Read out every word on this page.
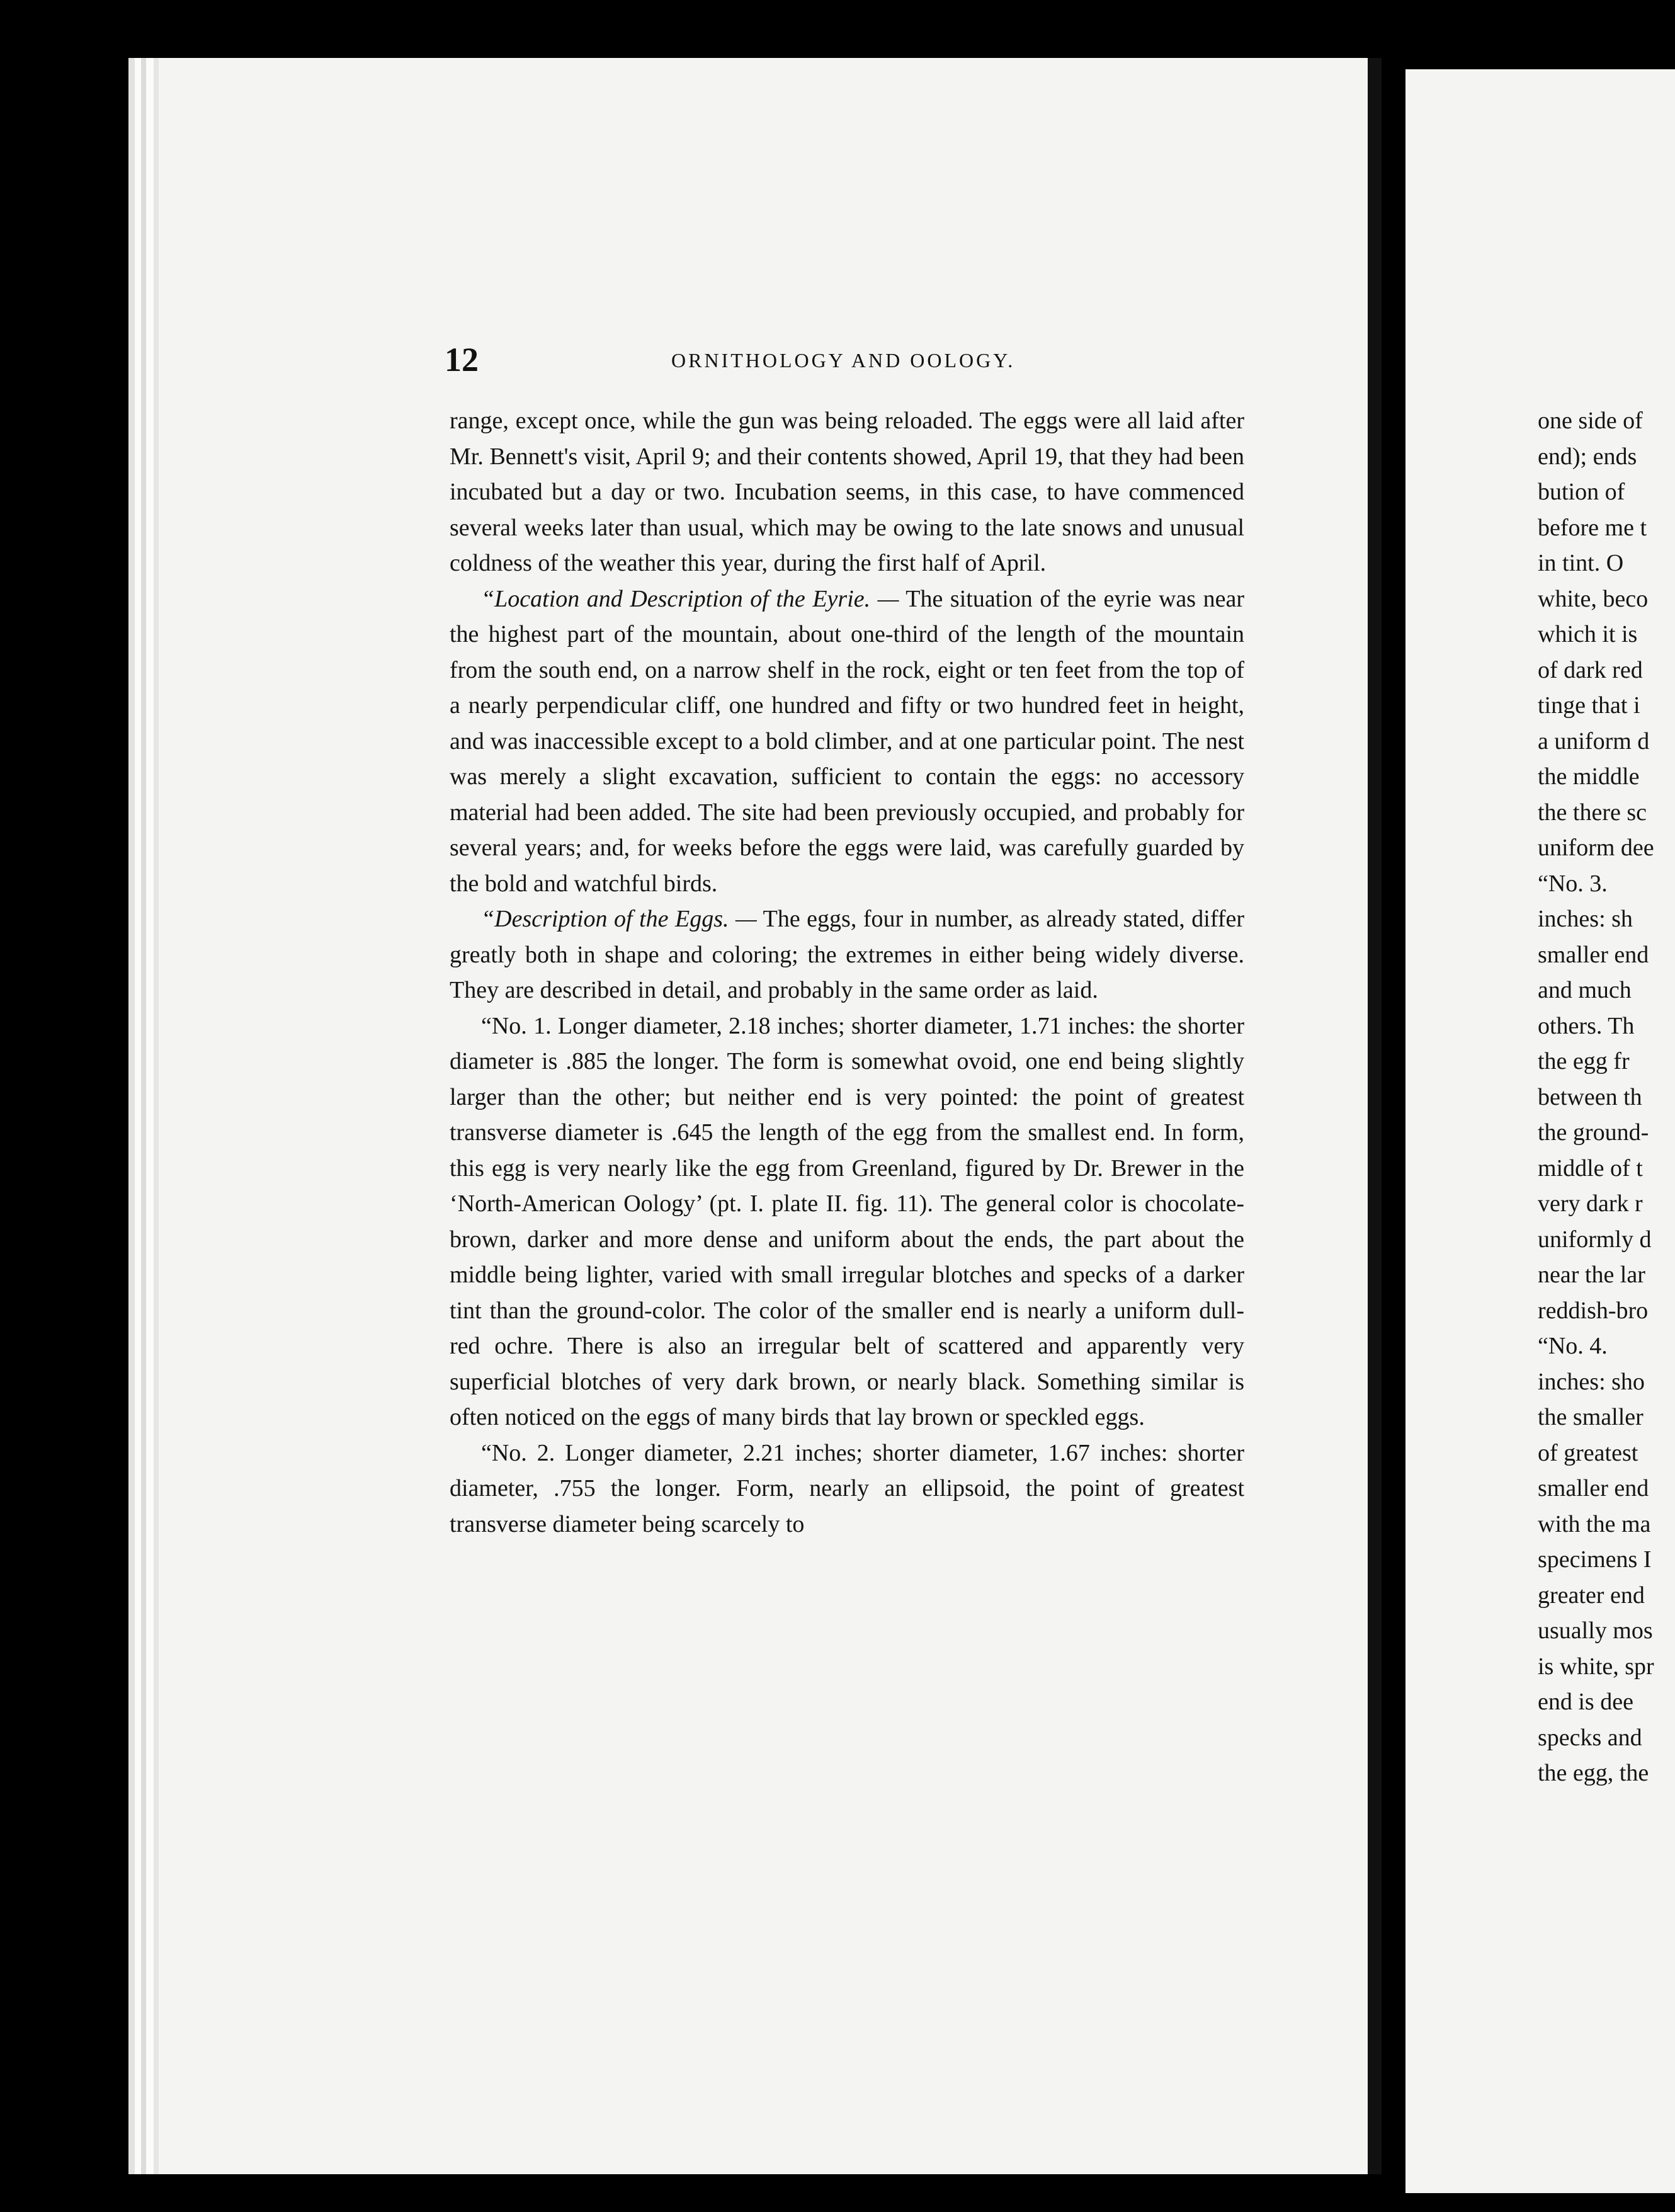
12	ORNITHOLOGY AND OOLOGY.

range, except once, while the gun was being reloaded. The eggs were all laid after Mr. Bennett's visit, April 9; and their contents showed, April 19, that they had been incubated but a day or two. Incubation seems, in this case, to have commenced several weeks later than usual, which may be owing to the late snows and unusual coldness of the weather this year, during the first half of April.

“Location and Description of the Eyrie. — The situation of the eyrie was near the highest part of the mountain, about one-third of the length of the mountain from the south end, on a narrow shelf in the rock, eight or ten feet from the top of a nearly perpendicular cliff, one hundred and fifty or two hundred feet in height, and was inaccessible except to a bold climber, and at one particular point. The nest was merely a slight excavation, sufficient to contain the eggs: no accessory material had been added. The site had been previously occupied, and probably for several years; and, for weeks before the eggs were laid, was carefully guarded by the bold and watchful birds.

“Description of the Eggs. — The eggs, four in number, as already stated, differ greatly both in shape and coloring; the extremes in either being widely diverse. They are described in detail, and probably in the same order as laid.

“No. 1. Longer diameter, 2.18 inches; shorter diameter, 1.71 inches: the shorter diameter is .885 the longer. The form is somewhat ovoid, one end being slightly larger than the other; but neither end is very pointed: the point of greatest transverse diameter is .645 the length of the egg from the smallest end. In form, this egg is very nearly like the egg from Greenland, figured by Dr. Brewer in the ‘North-American Oology’ (pt. I. plate II. fig. 11). The general color is chocolate-brown, darker and more dense and uniform about the ends, the part about the middle being lighter, varied with small irregular blotches and specks of a darker tint than the ground-color. The color of the smaller end is nearly a uniform dull-red ochre. There is also an irregular belt of scattered and apparently very superficial blotches of very dark brown, or nearly black. Something similar is often noticed on the eggs of many birds that lay brown or speckled eggs.

“No. 2. Longer diameter, 2.21 inches; shorter diameter, 1.67 inches: shorter diameter, .755 the longer. Form, nearly an ellipsoid, the point of greatest transverse diameter being scarcely to

one side of
end); ends
bution of
before me t
in tint. O
white, beco
which it is
of dark red
tinge that i
a uniform d
the middle
the there sc
uniform dee
“No. 3.
inches: sh
smaller end
and much
others. Th
the egg fr
between th
the ground-
middle of t
very dark r
uniformly d
near the lar
reddish-bro
“No. 4.
inches: sho
the smaller
of greatest
smaller end
with the ma
specimens I
greater end
usually mos
is white, spr
end is dee
specks and
the egg, the
